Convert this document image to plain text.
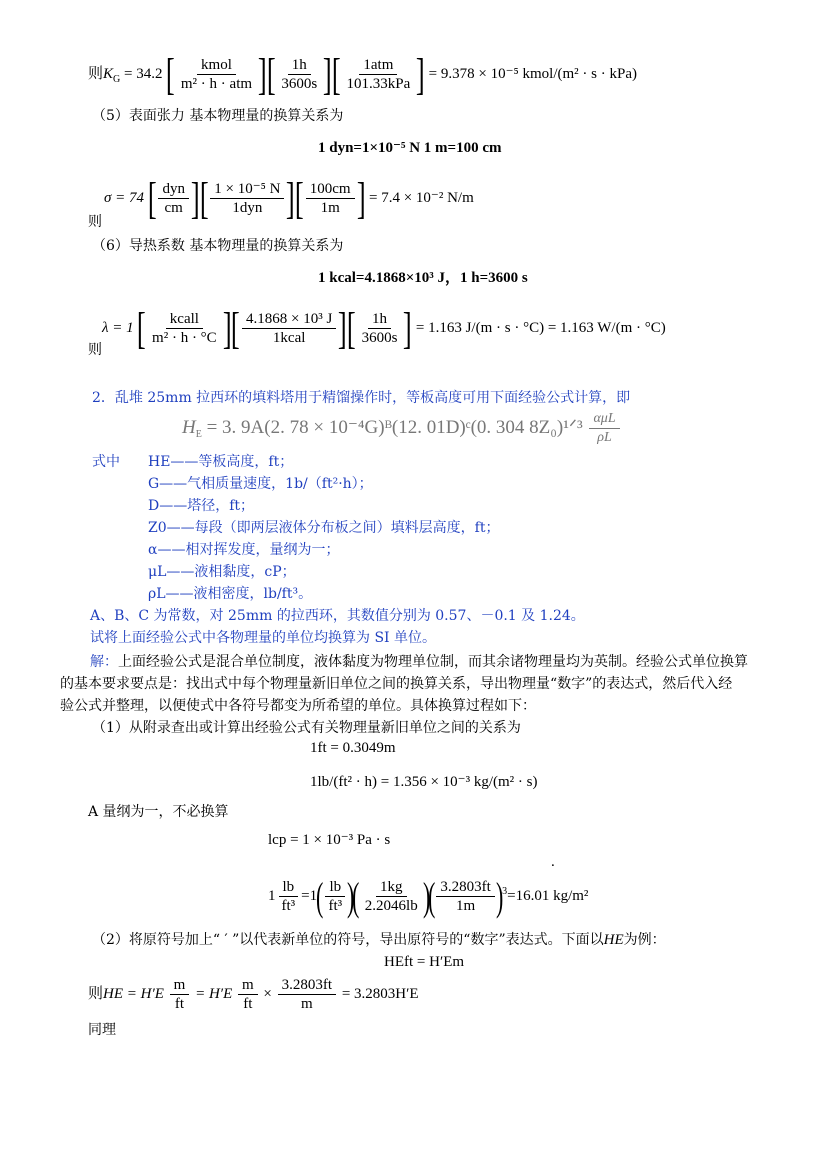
则$K_G = 34.2$ [ $\frac{\text{kmol}}{\text{m² · h · atm}}$ ][ $\frac{1h}{3600s}$ ][ $\frac{\text{1atm}}{\text{101.33kPa}}$ ] = 9.378 × 10⁻⁵ kmol/(m² · s · kPa)
（5）表面张力 基本物理量的换算关系为
1 dyn=1×10⁻⁵ N 1 m=100 cm
σ = 74 [ $\frac{\text{dyn}}{cm}$ ][ $\frac{\text{1 × 10⁻⁵ N}}{\text{1dyn}}$ ][ $\frac{100cm}{1m}$ ] = 7.4 × 10⁻² N/m
则
（6）导热系数 基本物理量的换算关系为
1 kcal=4.1868×10³ J，1 h=3600 s
λ = 1 [ $\frac{\text{kcall}}{\text{m² · h · °C}}$ ][ $\frac{\text{4.1868 × 10³ J}}{\text{1kcal}}$ ][ $\frac{1h}{3600s}$ ] = 1.163 J/(m · s · °C) = 1.163 W/(m · °C)
则
2．乱堆 25mm 拉西环的填料塔用于精馏操作时，等板高度可用下面经验公式计算，即
$H_E = 3$. 9A(2. 78 × 10⁻⁴G)ᴮ(12. 01D)ᶜ(0. 304 8Z₀)¹ᐟ³ $\frac{\text{αμL}}{\rho L}$
式中 HE——等板高度，ft；
G——气相质量速度，1b/（ft²·h）；
D——塔径，ft；
Z0——每段（即两层液体分布板之间）填料层高度，ft；
α——相对挥发度，量纲为一；
μL——液相黏度，cP；
ρL——液相密度，lb/ft³。
A、B、C 为常数，对 25mm 的拉西环，其数值分别为 0.57、－0.1 及 1.24。
试将上面经验公式中各物理量的单位均换算为 SI 单位。
解：上面经验公式是混合单位制度，液体黏度为物理单位制，而其余诸物理量均为英制。经验公式单位换算
的基本要求要点是：找出式中每个物理量新旧单位之间的换算关系，导出物理量“数字”的表达式，然后代入经
验公式并整理，以便使式中各符号都变为所希望的单位。具体换算过程如下：
（1）从附录查出或计算出经验公式有关物理量新旧单位之间的关系为
1ft = 0.3049m
1lb/(ft² · h) = 1.356 × 10⁻³ kg/(m² · s)
A 量纲为一，不必换算
lcp = 1 × 10⁻³ Pa · s
.
$1 \frac{lb}{\text{ft³}} =1( \frac{lb}{\text{ft³}}$ )( $\frac{1kg}{2.2046lb}$ )( $\frac{3.2803ft}{1m} )^3=16.01$ kg/m²
（2）将原符号加上“ ′ ”以代表新单位的符号，导出原符号的“数字”表达式。下面以HE为例：
HEft = H′Em
则HE = $H'E \frac{m}{ft} = H'E \frac{m}{ft} \times \frac{3.2803ft}{m} = 3.2803H'E$
同理
